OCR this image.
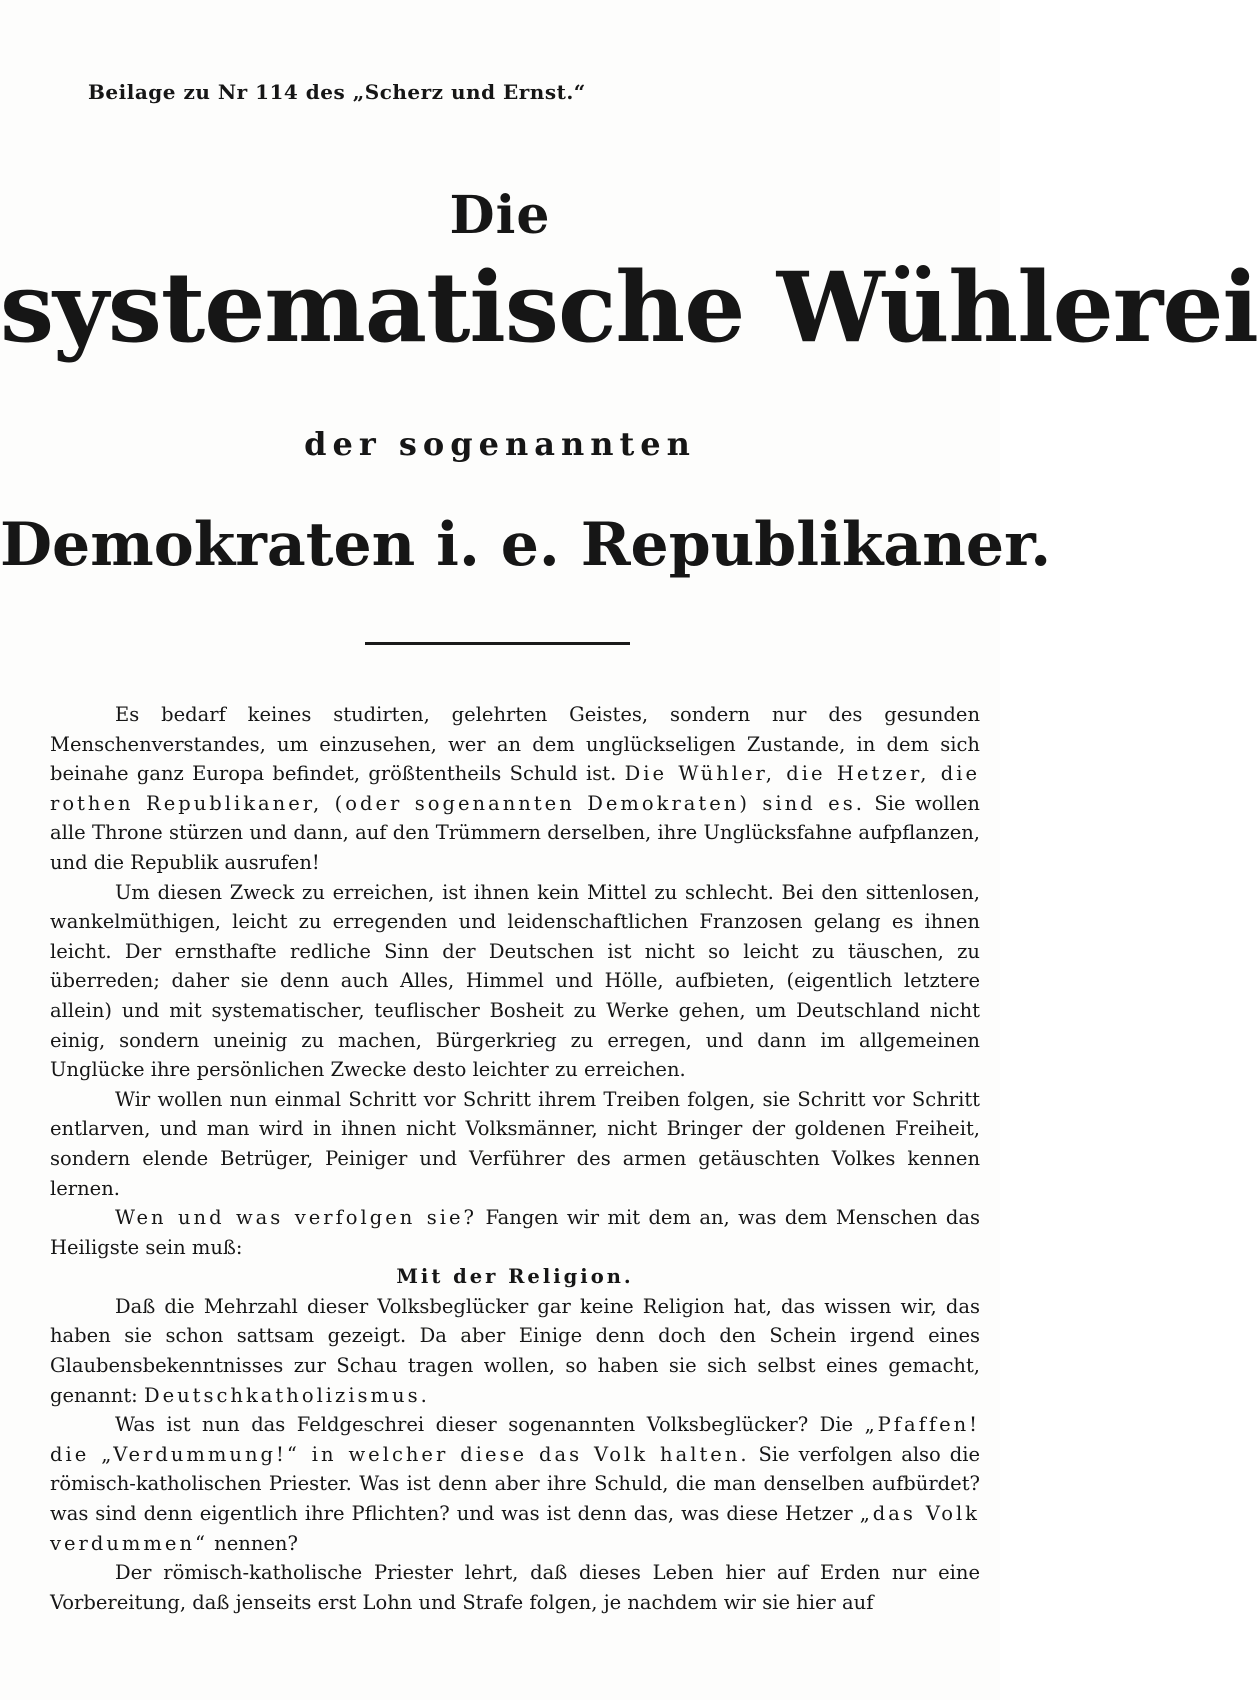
Beilage zu Nr 114 des „Scherz und Ernst.“
Die
systematische Wühlerei
der sogenannten
Demokraten i. e. Republikaner.

Es bedarf keines studirten, gelehrten Geistes, sondern nur des gesunden Menschenverstandes, um einzusehen, wer an dem unglückseligen Zustande, in dem sich beinahe ganz Europa befindet, größtentheils Schuld ist. Die Wühler, die Hetzer, die rothen Republikaner, (oder sogenannten Demokraten) sind es. Sie wollen alle Throne stürzen und dann, auf den Trümmern derselben, ihre Unglücksfahne aufpflanzen, und die Republik ausrufen!

Um diesen Zweck zu erreichen, ist ihnen kein Mittel zu schlecht. Bei den sittenlosen, wankelmüthigen, leicht zu erregenden und leidenschaftlichen Franzosen gelang es ihnen leicht. Der ernsthafte redliche Sinn der Deutschen ist nicht so leicht zu täuschen, zu überreden; daher sie denn auch Alles, Himmel und Hölle, aufbieten, (eigentlich letztere allein) und mit systematischer, teuflischer Bosheit zu Werke gehen, um Deutschland nicht einig, sondern uneinig zu machen, Bürgerkrieg zu erregen, und dann im allgemeinen Unglücke ihre persönlichen Zwecke desto leichter zu erreichen.

Wir wollen nun einmal Schritt vor Schritt ihrem Treiben folgen, sie Schritt vor Schritt entlarven, und man wird in ihnen nicht Volksmänner, nicht Bringer der goldenen Freiheit, sondern elende Betrüger, Peiniger und Verführer des armen getäuschten Volkes kennen lernen.

Wen und was verfolgen sie? Fangen wir mit dem an, was dem Menschen das Heiligste sein muß:

Mit der Religion.

Daß die Mehrzahl dieser Volksbeglücker gar keine Religion hat, das wissen wir, das haben sie schon sattsam gezeigt. Da aber Einige denn doch den Schein irgend eines Glaubensbekenntnisses zur Schau tragen wollen, so haben sie sich selbst eines gemacht, genannt: Deutschkatholizismus.

Was ist nun das Feldgeschrei dieser sogenannten Volksbeglücker? Die „Pfaffen! die „Verdummung!“ in welcher diese das Volk halten. Sie verfolgen also die römisch-katholischen Priester. Was ist denn aber ihre Schuld, die man denselben aufbürdet? was sind denn eigentlich ihre Pflichten? und was ist denn das, was diese Hetzer „das Volk verdummen“ nennen?

Der römisch-katholische Priester lehrt, daß dieses Leben hier auf Erden nur eine Vorbereitung, daß jenseits erst Lohn und Strafe folgen, je nachdem wir sie hier auf
